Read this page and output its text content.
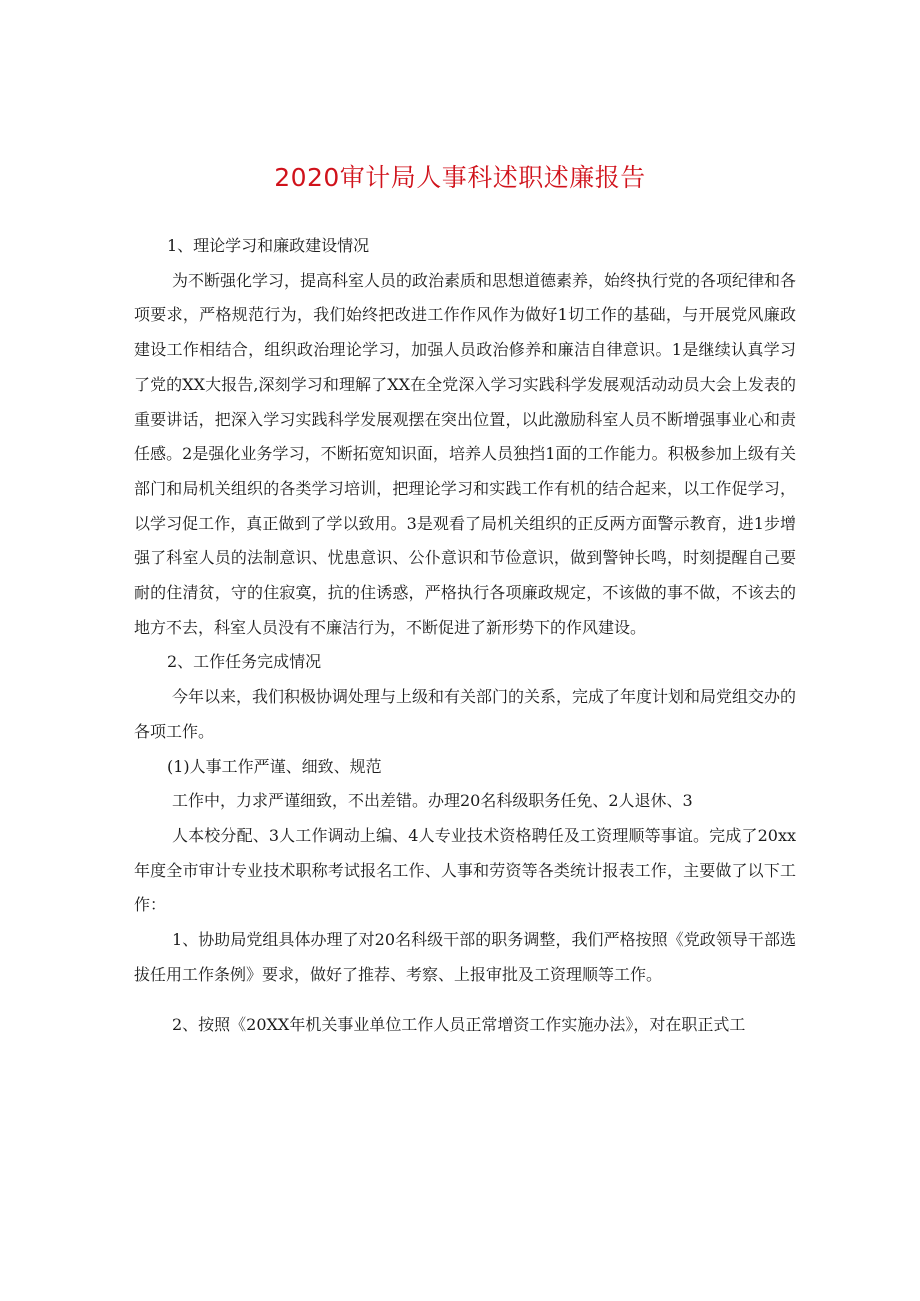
2020审计局人事科述职述廉报告

1、理论学习和廉政建设情况

为不断强化学习，提高科室人员的政治素质和思想道德素养，始终执行党的各项纪律和各项要求，严格规范行为，我们始终把改进工作作风作为做好1切工作的基础，与开展党风廉政建设工作相结合，组织政治理论学习，加强人员政治修养和廉洁自律意识。1是继续认真学习了党的XX大报告,深刻学习和理解了XX在全党深入学习实践科学发展观活动动员大会上发表的重要讲话，把深入学习实践科学发展观摆在突出位置，以此激励科室人员不断增强事业心和责任感。2是强化业务学习，不断拓宽知识面，培养人员独挡1面的工作能力。积极参加上级有关部门和局机关组织的各类学习培训，把理论学习和实践工作有机的结合起来，以工作促学习，以学习促工作，真正做到了学以致用。3是观看了局机关组织的正反两方面警示教育，进1步增强了科室人员的法制意识、忧患意识、公仆意识和节俭意识，做到警钟长鸣，时刻提醒自己要耐的住清贫，守的住寂寞，抗的住诱惑，严格执行各项廉政规定，不该做的事不做，不该去的地方不去，科室人员没有不廉洁行为，不断促进了新形势下的作风建设。

2、工作任务完成情况

今年以来，我们积极协调处理与上级和有关部门的关系，完成了年度计划和局党组交办的各项工作。

(1)人事工作严谨、细致、规范

工作中，力求严谨细致，不出差错。办理20名科级职务任免、2人退休、3

人本校分配、3人工作调动上编、4人专业技术资格聘任及工资理顺等事谊。完成了20xx年度全市审计专业技术职称考试报名工作、人事和劳资等各类统计报表工作，主要做了以下工作：

1、协助局党组具体办理了对20名科级干部的职务调整，我们严格按照《党政领导干部选拔任用工作条例》要求，做好了推荐、考察、上报审批及工资理顺等工作。

2、按照《20XX年机关事业单位工作人员正常增资工作实施办法》，对在职正式工
